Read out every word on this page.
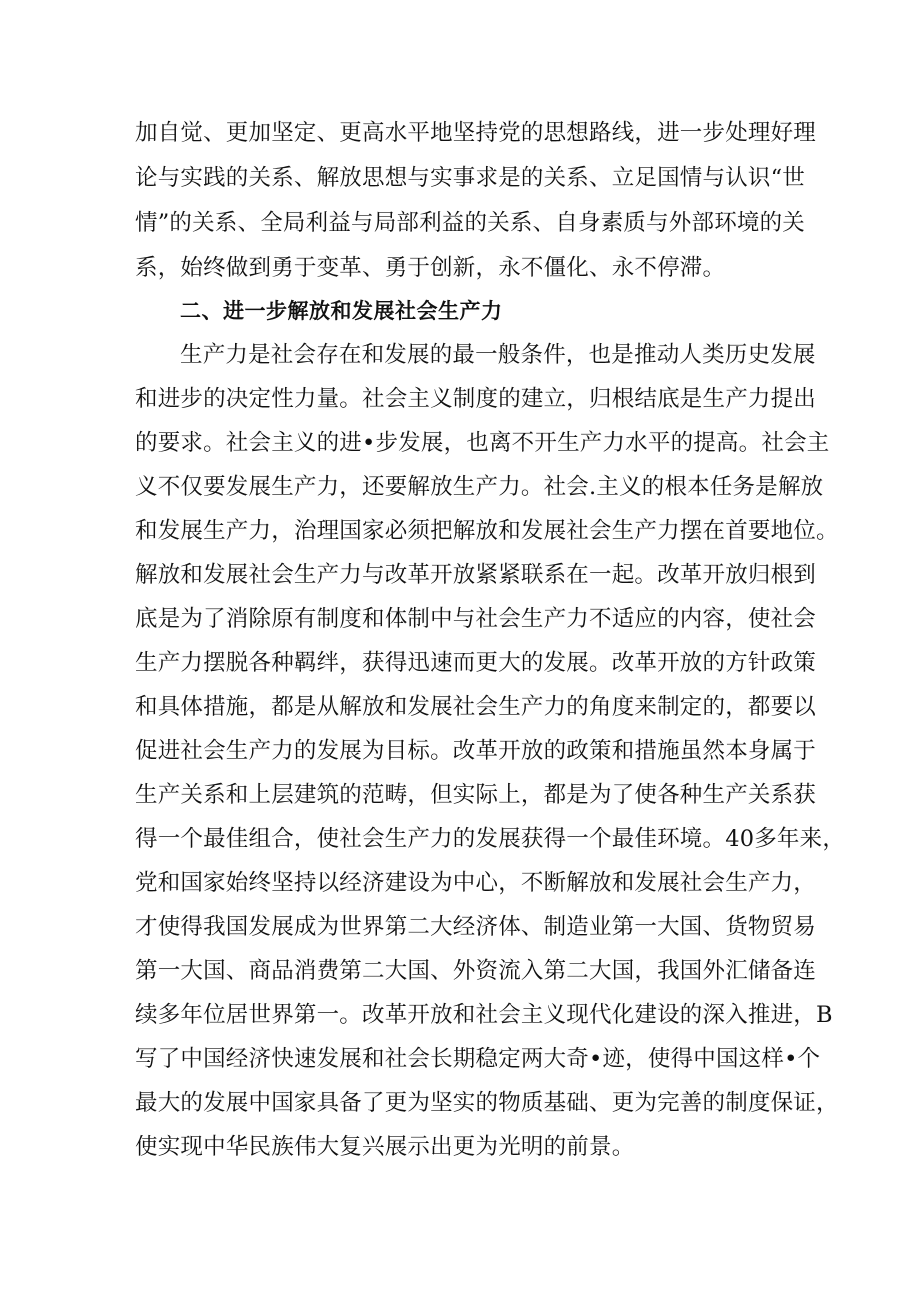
加自觉、更加坚定、更高水平地坚持党的思想路线，进一步处理好理
论与实践的关系、解放思想与实事求是的关系、立足国情与认识“世
情”的关系、全局利益与局部利益的关系、自身素质与外部环境的关
系，始终做到勇于变革、勇于创新，永不僵化、永不停滞。
二、进一步解放和发展社会生产力
生产力是社会存在和发展的最一般条件，也是推动人类历史发展
和进步的决定性力量。社会主义制度的建立，归根结底是生产力提出
的要求。社会主义的进•步发展，也离不开生产力水平的提高。社会主
义不仅要发展生产力，还要解放生产力。社会.主义的根本任务是解放
和发展生产力，治理国家必须把解放和发展社会生产力摆在首要地位。
解放和发展社会生产力与改革开放紧紧联系在一起。改革开放归根到
底是为了消除原有制度和体制中与社会生产力不适应的内容，使社会
生产力摆脱各种羁绊，获得迅速而更大的发展。改革开放的方针政策
和具体措施，都是从解放和发展社会生产力的角度来制定的，都要以
促进社会生产力的发展为目标。改革开放的政策和措施虽然本身属于
生产关系和上层建筑的范畴，但实际上，都是为了使各种生产关系获
得一个最佳组合，使社会生产力的发展获得一个最佳环境。40多年来，
党和国家始终坚持以经济建设为中心，不断解放和发展社会生产力，
才使得我国发展成为世界第二大经济体、制造业第一大国、货物贸易
第一大国、商品消费第二大国、外资流入第二大国，我国外汇储备连
续多年位居世界第一。改革开放和社会主义现代化建设的深入推进，B
写了中国经济快速发展和社会长期稳定两大奇•迹，使得中国这样•个
最大的发展中国家具备了更为坚实的物质基础、更为完善的制度保证，
使实现中华民族伟大复兴展示出更为光明的前景。
